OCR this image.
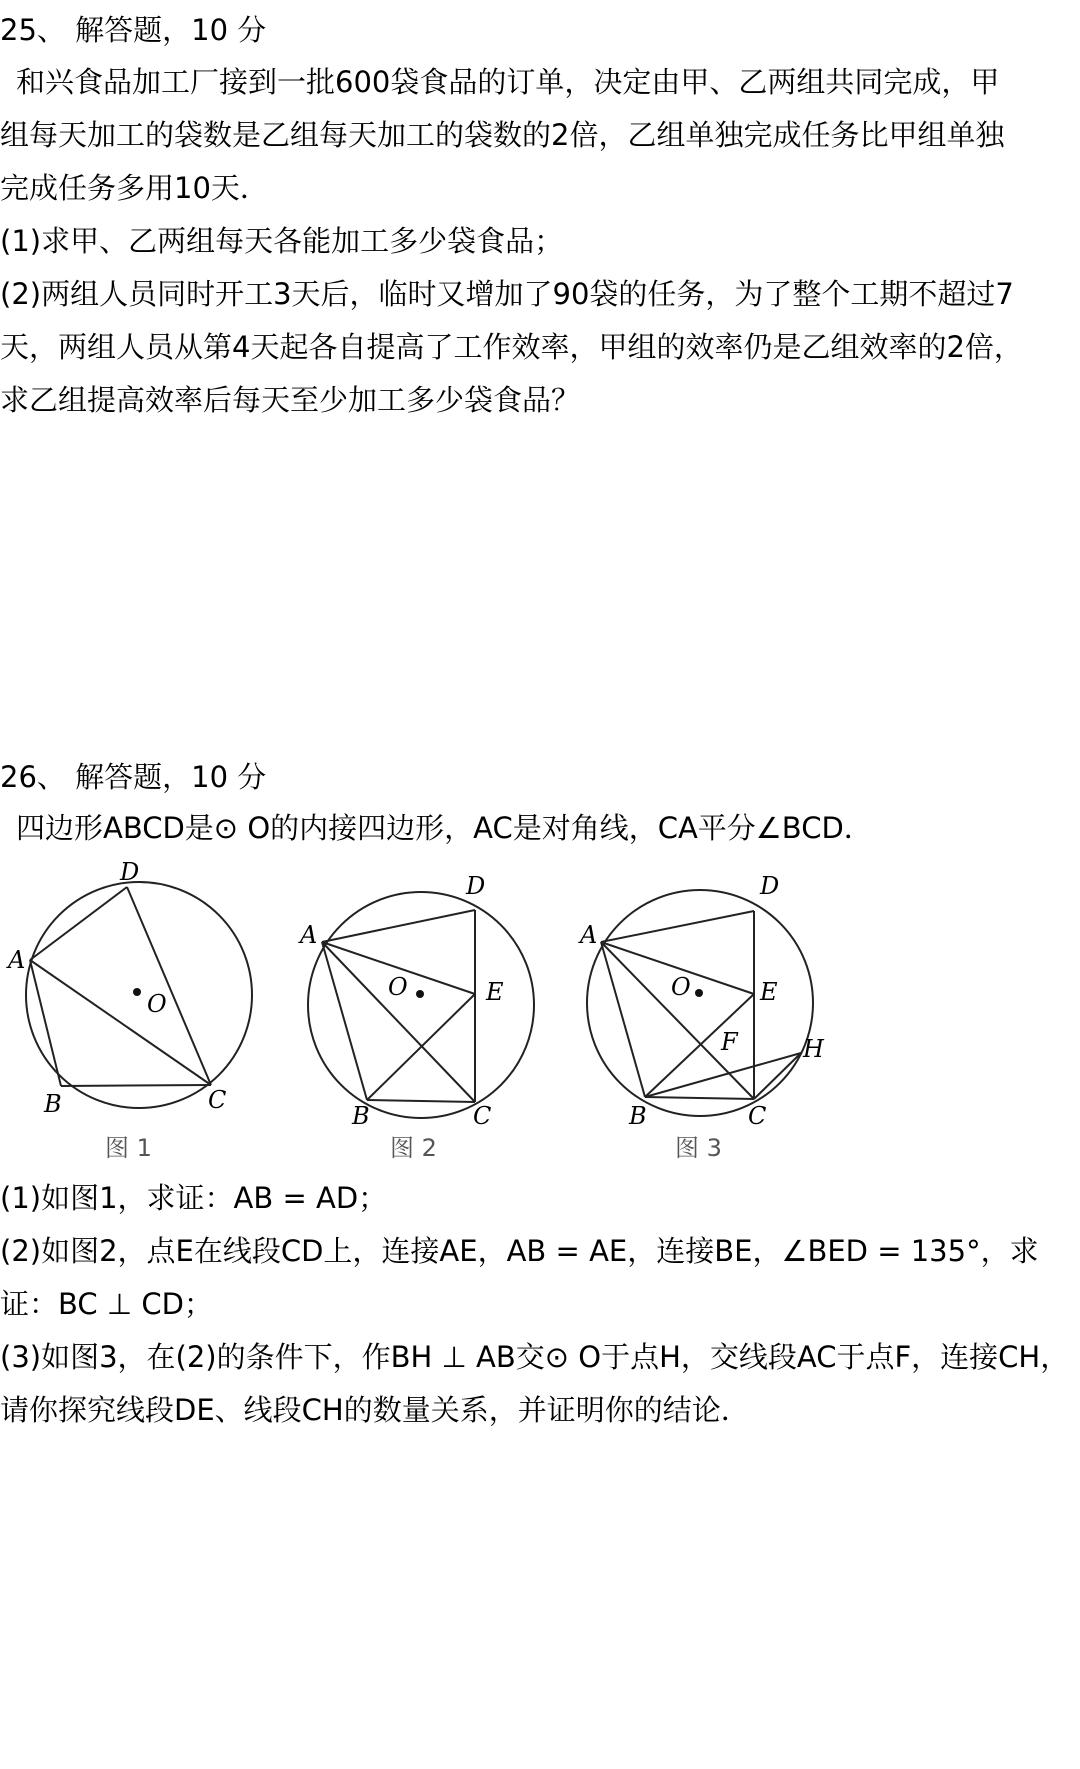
25、 解答题，10 分

和兴食品加工厂接到一批600袋食品的订单，决定由甲、乙两组共同完成，甲

组每天加工的袋数是乙组每天加工的袋数的2倍，乙组单独完成任务比甲组单独

完成任务多用10天．

(1)求甲、乙两组每天各能加工多少袋食品；

(2)两组人员同时开工3天后，临时又增加了90袋的任务，为了整个工期不超过7

天，两组人员从第4天起各自提高了工作效率，甲组的效率仍是乙组效率的2倍，

求乙组提高效率后每天至少加工多少袋食品？

26、 解答题，10 分

四边形ABCD是⊙ O的内接四边形，AC是对角线，CA平分∠BCD．

D
A
O
B	C
图 1
D
A
O	E
B	C
图 2
D
A
O	E
F	H
B	C
图 3

(1)如图1，求证：AB = AD；

(2)如图2，点E在线段CD上，连接AE，AB = AE，连接BE，∠BED = 135°，求

证：BC ⊥ CD；

(3)如图3，在(2)的条件下，作BH ⊥ AB交⊙ O于点H，交线段AC于点F，连接CH，

请你探究线段DE、线段CH的数量关系，并证明你的结论．
